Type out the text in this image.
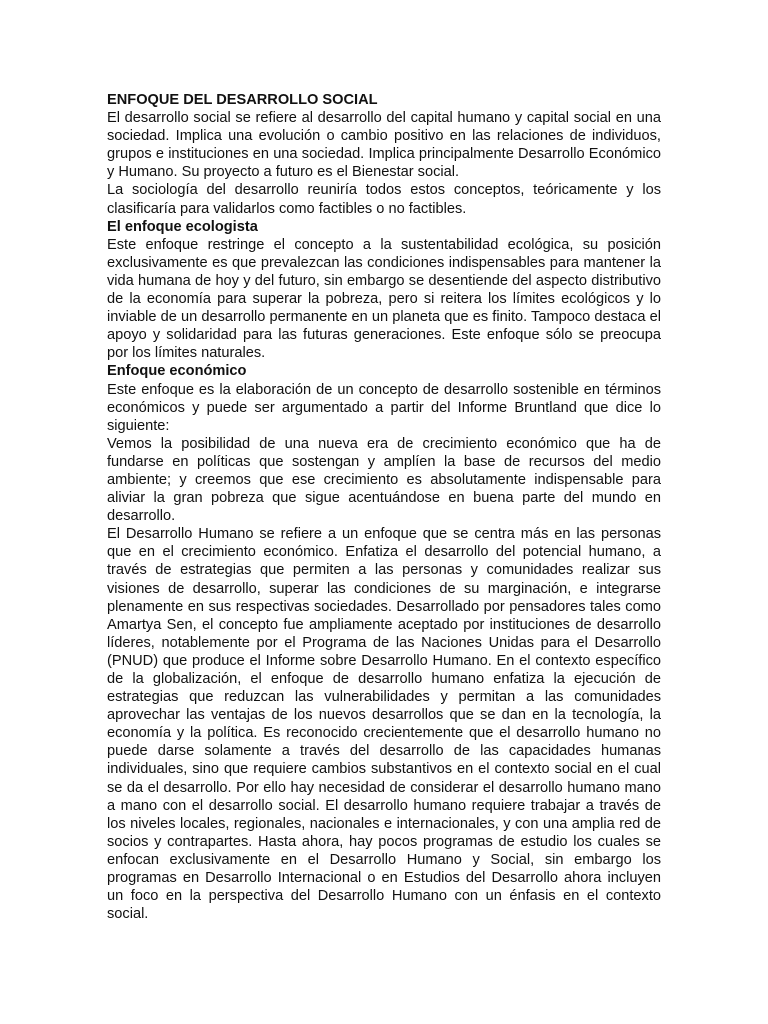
ENFOQUE DEL DESARROLLO SOCIAL

El desarrollo social se refiere al desarrollo del capital humano y capital social en una sociedad. Implica una evolución o cambio positivo en las relaciones de individuos, grupos e instituciones en una sociedad. Implica principalmente Desarrollo Económico y Humano. Su proyecto a futuro es el Bienestar social.

La sociología del desarrollo reuniría todos estos conceptos, teóricamente y los clasificaría para validarlos como factibles o no factibles.

El enfoque ecologista

Este enfoque restringe el concepto a la sustentabilidad ecológica, su posición exclusivamente es que prevalezcan las condiciones indispensables para mantener la vida humana de hoy y del futuro, sin embargo se desentiende del aspecto distributivo de la economía para superar la pobreza, pero si reitera los límites ecológicos y lo inviable de un desarrollo permanente en un planeta que es finito. Tampoco destaca el apoyo y solidaridad para las futuras generaciones. Este enfoque sólo se preocupa por los límites naturales.

Enfoque económico

Este enfoque es la elaboración de un concepto de desarrollo sostenible en términos económicos y puede ser argumentado a partir del Informe Bruntland que dice lo siguiente:

Vemos la posibilidad de una nueva era de crecimiento económico que ha de fundarse en políticas que sostengan y amplíen la base de recursos del medio ambiente; y creemos que ese crecimiento es absolutamente indispensable para aliviar la gran pobreza que sigue acentuándose en buena parte del mundo en desarrollo.

El Desarrollo Humano se refiere a un enfoque que se centra más en las personas que en el crecimiento económico. Enfatiza el desarrollo del potencial humano, a través de estrategias que permiten a las personas y comunidades realizar sus visiones de desarrollo, superar las condiciones de su marginación, e integrarse plenamente en sus respectivas sociedades. Desarrollado por pensadores tales como Amartya Sen, el concepto fue ampliamente aceptado por instituciones de desarrollo líderes, notablemente por el Programa de las Naciones Unidas para el Desarrollo (PNUD) que produce el Informe sobre Desarrollo Humano. En el contexto específico de la globalización, el enfoque de desarrollo humano enfatiza la ejecución de estrategias que reduzcan las vulnerabilidades y permitan a las comunidades aprovechar las ventajas de los nuevos desarrollos que se dan en la tecnología, la economía y la política. Es reconocido crecientemente que el desarrollo humano no puede darse solamente a través del desarrollo de las capacidades humanas individuales, sino que requiere cambios substantivos en el contexto social en el cual se da el desarrollo. Por ello hay necesidad de considerar el desarrollo humano mano a mano con el desarrollo social. El desarrollo humano requiere trabajar a través de los niveles locales, regionales, nacionales e internacionales, y con una amplia red de socios y contrapartes. Hasta ahora, hay pocos programas de estudio los cuales se enfocan exclusivamente en el Desarrollo Humano y Social, sin embargo los programas en Desarrollo Internacional o en Estudios del Desarrollo ahora incluyen un foco en la perspectiva del Desarrollo Humano con un énfasis en el contexto social.
